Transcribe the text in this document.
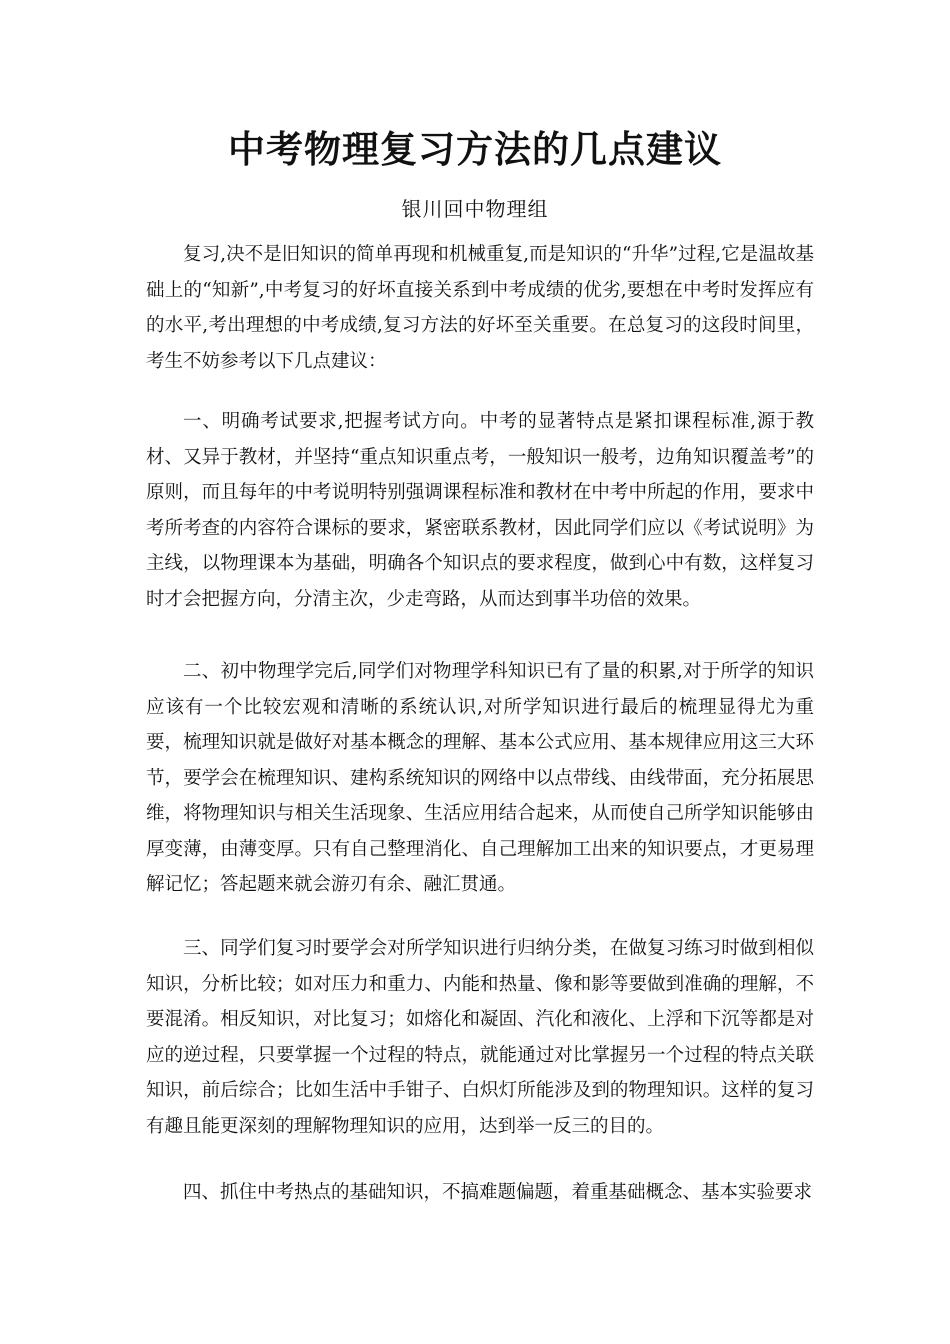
中考物理复习方法的几点建议

银川回中物理组

复习,决不是旧知识的简单再现和机械重复,而是知识的“升华”过程,它是温故基础上的“知新”,中考复习的好坏直接关系到中考成绩的优劣,要想在中考时发挥应有的水平,考出理想的中考成绩,复习方法的好坏至关重要。在总复习的这段时间里，考生不妨参考以下几点建议：

一、明确考试要求,把握考试方向。中考的显著特点是紧扣课程标准,源于教材、又异于教材，并坚持“重点知识重点考，一般知识一般考，边角知识覆盖考”的原则，而且每年的中考说明特别强调课程标准和教材在中考中所起的作用，要求中考所考查的内容符合课标的要求，紧密联系教材，因此同学们应以《考试说明》为主线，以物理课本为基础，明确各个知识点的要求程度，做到心中有数，这样复习时才会把握方向，分清主次，少走弯路，从而达到事半功倍的效果。

二、初中物理学完后,同学们对物理学科知识已有了量的积累,对于所学的知识应该有一个比较宏观和清晰的系统认识,对所学知识进行最后的梳理显得尤为重要，梳理知识就是做好对基本概念的理解、基本公式应用、基本规律应用这三大环节，要学会在梳理知识、建构系统知识的网络中以点带线、由线带面，充分拓展思维，将物理知识与相关生活现象、生活应用结合起来，从而使自己所学知识能够由厚变薄，由薄变厚。只有自己整理消化、自己理解加工出来的知识要点，才更易理解记忆；答起题来就会游刃有余、融汇贯通。

三、同学们复习时要学会对所学知识进行归纳分类，在做复习练习时做到相似知识，分析比较；如对压力和重力、内能和热量、像和影等要做到准确的理解，不要混淆。相反知识，对比复习；如熔化和凝固、汽化和液化、上浮和下沉等都是对应的逆过程，只要掌握一个过程的特点，就能通过对比掌握另一个过程的特点关联知识，前后综合；比如生活中手钳子、白炽灯所能涉及到的物理知识。这样的复习有趣且能更深刻的理解物理知识的应用，达到举一反三的目的。

四、抓住中考热点的基础知识，不搞难题偏题，着重基础概念、基本实验要求
